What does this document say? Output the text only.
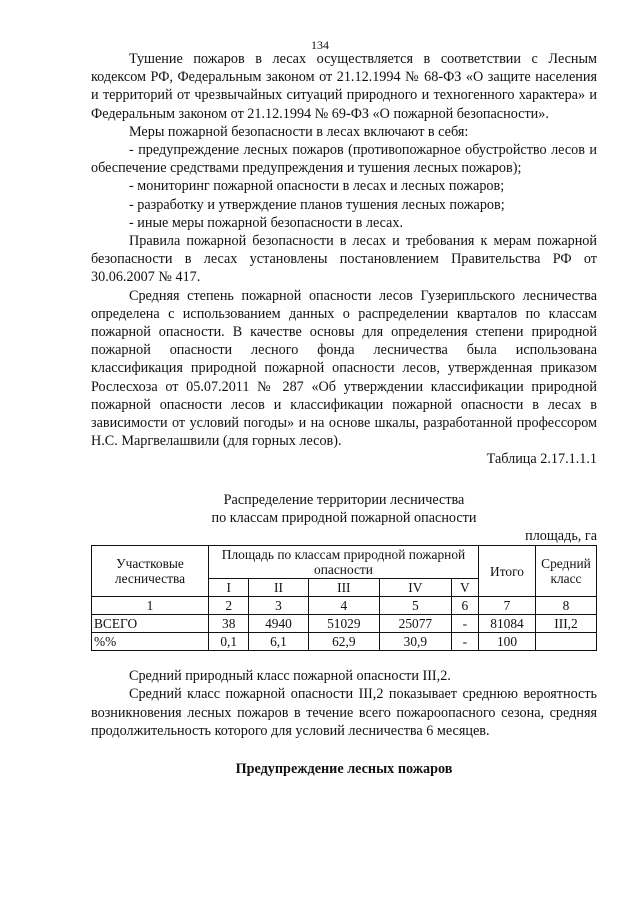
134

Тушение пожаров в лесах осуществляется в соответствии с Лесным кодексом РФ, Федеральным законом от 21.12.1994 № 68-ФЗ «О защите населения и территорий от чрезвычайных ситуаций природного и техногенного характера» и Федеральным законом от 21.12.1994 № 69-ФЗ «О пожарной безопасности».

Меры пожарной безопасности в лесах включают в себя:

- предупреждение лесных пожаров (противопожарное обустройство лесов и обеспечение средствами предупреждения и тушения лесных пожаров);

- мониторинг пожарной опасности в лесах и лесных пожаров;

- разработку и утверждение планов тушения лесных пожаров;

- иные меры пожарной безопасности в лесах.

Правила пожарной безопасности в лесах и требования к мерам пожарной безопасности в лесах установлены постановлением Правительства РФ от 30.06.2007 № 417.

Средняя степень пожарной опасности лесов Гузерипльского лесничества определена с использованием данных о распределении кварталов по классам пожарной опасности. В качестве основы для определения степени природной пожарной опасности лесного фонда лесничества была использована классификация природной пожарной опасности лесов, утвержденная приказом Рослесхоза от 05.07.2011 № 287 «Об утверждении классификации природной пожарной опасности лесов и классификации пожарной опасности в лесах в зависимости от условий погоды» и на основе шкалы, разработанной профессором Н.С. Маргвелашвили (для горных лесов).

Таблица 2.17.1.1.1

Распределение территории лесничества

по классам природной пожарной опасности

площадь, га

Участковые лесничества	Площадь по классам природной пожарной опасности					Итого	Средний класс
	I	II	III	IV	V		
1	2	3	4	5	6	7	8
ВСЕГО	38	4940	51029	25077	-	81084	III,2
%%	0,1	6,1	62,9	30,9	-	100	

Средний природный класс пожарной опасности III,2.

Средний класс пожарной опасности III,2 показывает среднюю вероятность возникновения лесных пожаров в течение всего пожароопасного сезона, средняя продолжительность которого для условий лесничества 6 месяцев.

Предупреждение лесных пожаров
